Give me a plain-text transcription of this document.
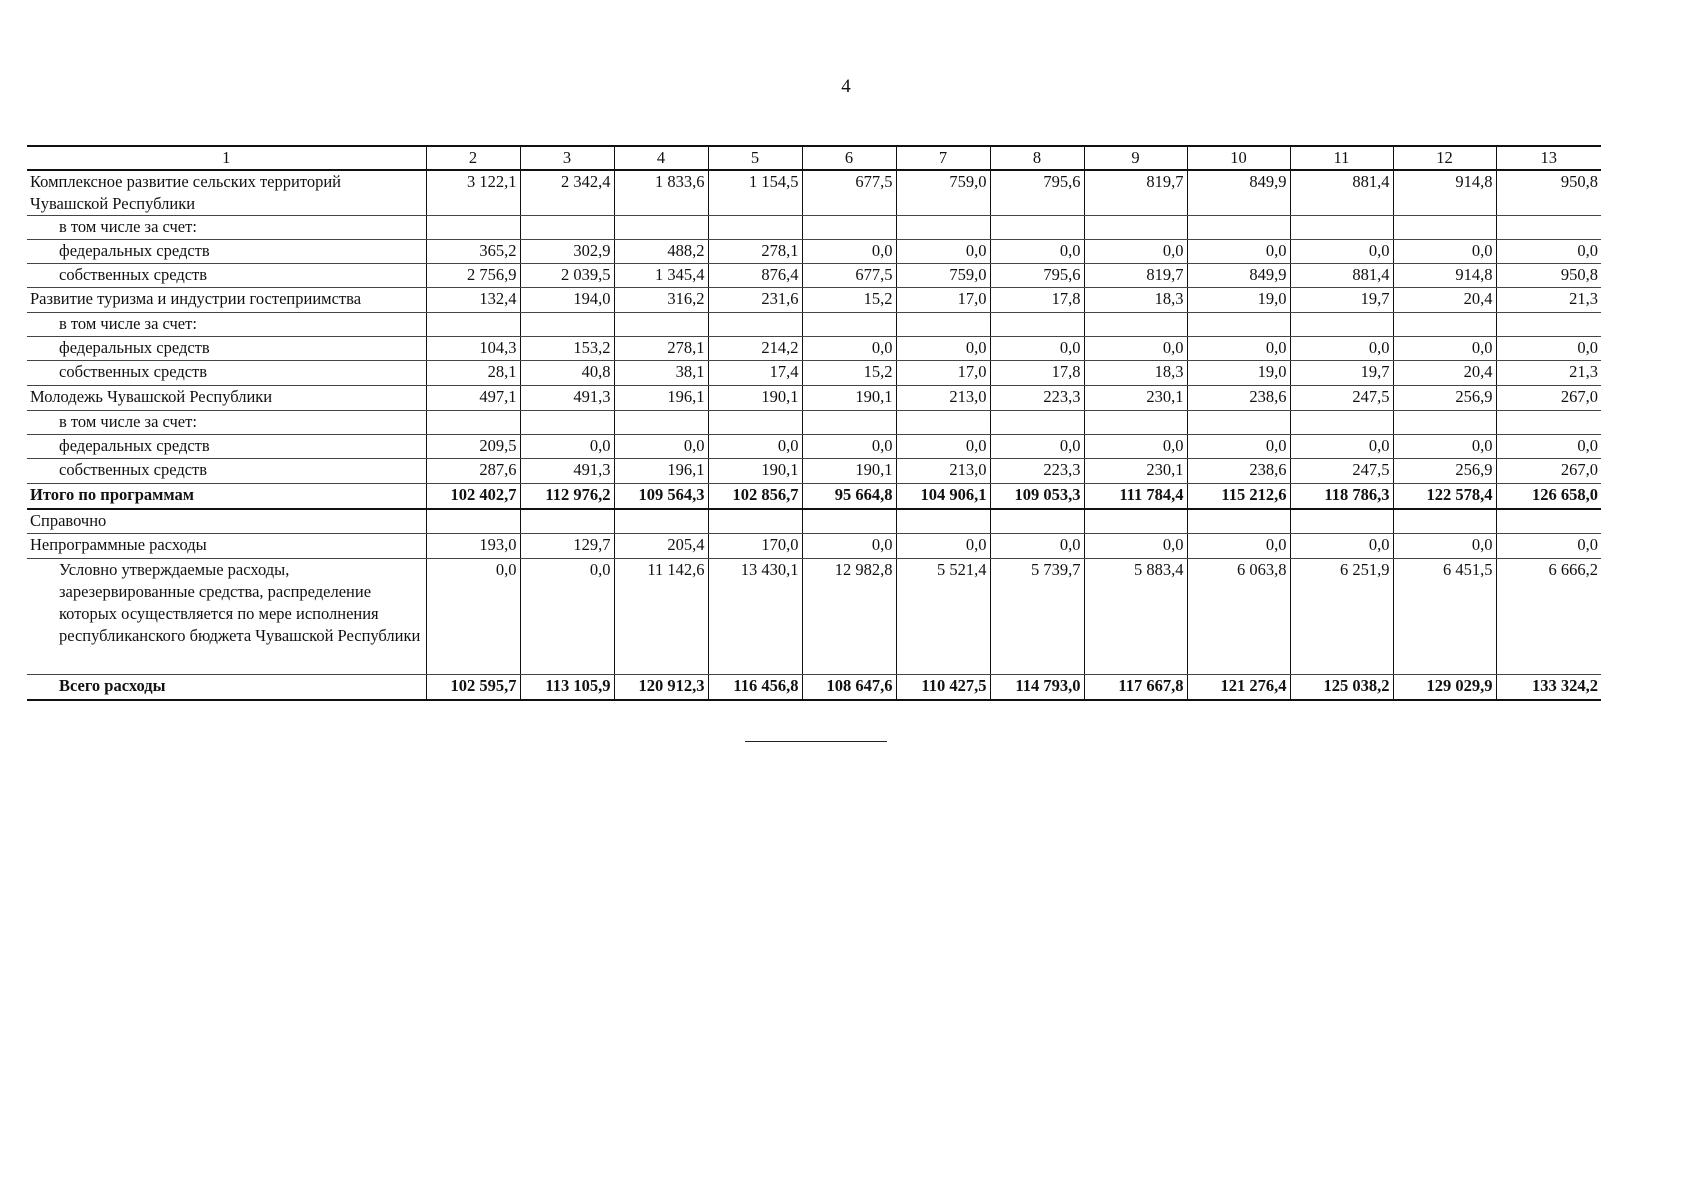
4
1	2	3	4	5	6	7	8	9	10	11	12	13
Комплексное развитие сельских территорий Чувашской Республики	3 122,1	2 342,4	1 833,6	1 154,5	677,5	759,0	795,6	819,7	849,9	881,4	914,8	950,8
в том числе за счет:												
федеральных средств	365,2	302,9	488,2	278,1	0,0	0,0	0,0	0,0	0,0	0,0	0,0	0,0
собственных средств	2 756,9	2 039,5	1 345,4	876,4	677,5	759,0	795,6	819,7	849,9	881,4	914,8	950,8
Развитие туризма и индустрии гостеприимства	132,4	194,0	316,2	231,6	15,2	17,0	17,8	18,3	19,0	19,7	20,4	21,3
в том числе за счет:												
федеральных средств	104,3	153,2	278,1	214,2	0,0	0,0	0,0	0,0	0,0	0,0	0,0	0,0
собственных средств	28,1	40,8	38,1	17,4	15,2	17,0	17,8	18,3	19,0	19,7	20,4	21,3
Молодежь Чувашской Республики	497,1	491,3	196,1	190,1	190,1	213,0	223,3	230,1	238,6	247,5	256,9	267,0
в том числе за счет:												
федеральных средств	209,5	0,0	0,0	0,0	0,0	0,0	0,0	0,0	0,0	0,0	0,0	0,0
собственных средств	287,6	491,3	196,1	190,1	190,1	213,0	223,3	230,1	238,6	247,5	256,9	267,0
Итого по программам	102 402,7	112 976,2	109 564,3	102 856,7	95 664,8	104 906,1	109 053,3	111 784,4	115 212,6	118 786,3	122 578,4	126 658,0
Справочно												
Непрограммные расходы	193,0	129,7	205,4	170,0	0,0	0,0	0,0	0,0	0,0	0,0	0,0	0,0
Условно утверждаемые расходы, зарезервированные средства, распределение которых осуществляется по мере исполнения республиканского бюджета Чувашской Республики	0,0	0,0	11 142,6	13 430,1	12 982,8	5 521,4	5 739,7	5 883,4	6 063,8	6 251,9	6 451,5	6 666,2
Всего расходы	102 595,7	113 105,9	120 912,3	116 456,8	108 647,6	110 427,5	114 793,0	117 667,8	121 276,4	125 038,2	129 029,9	133 324,2
